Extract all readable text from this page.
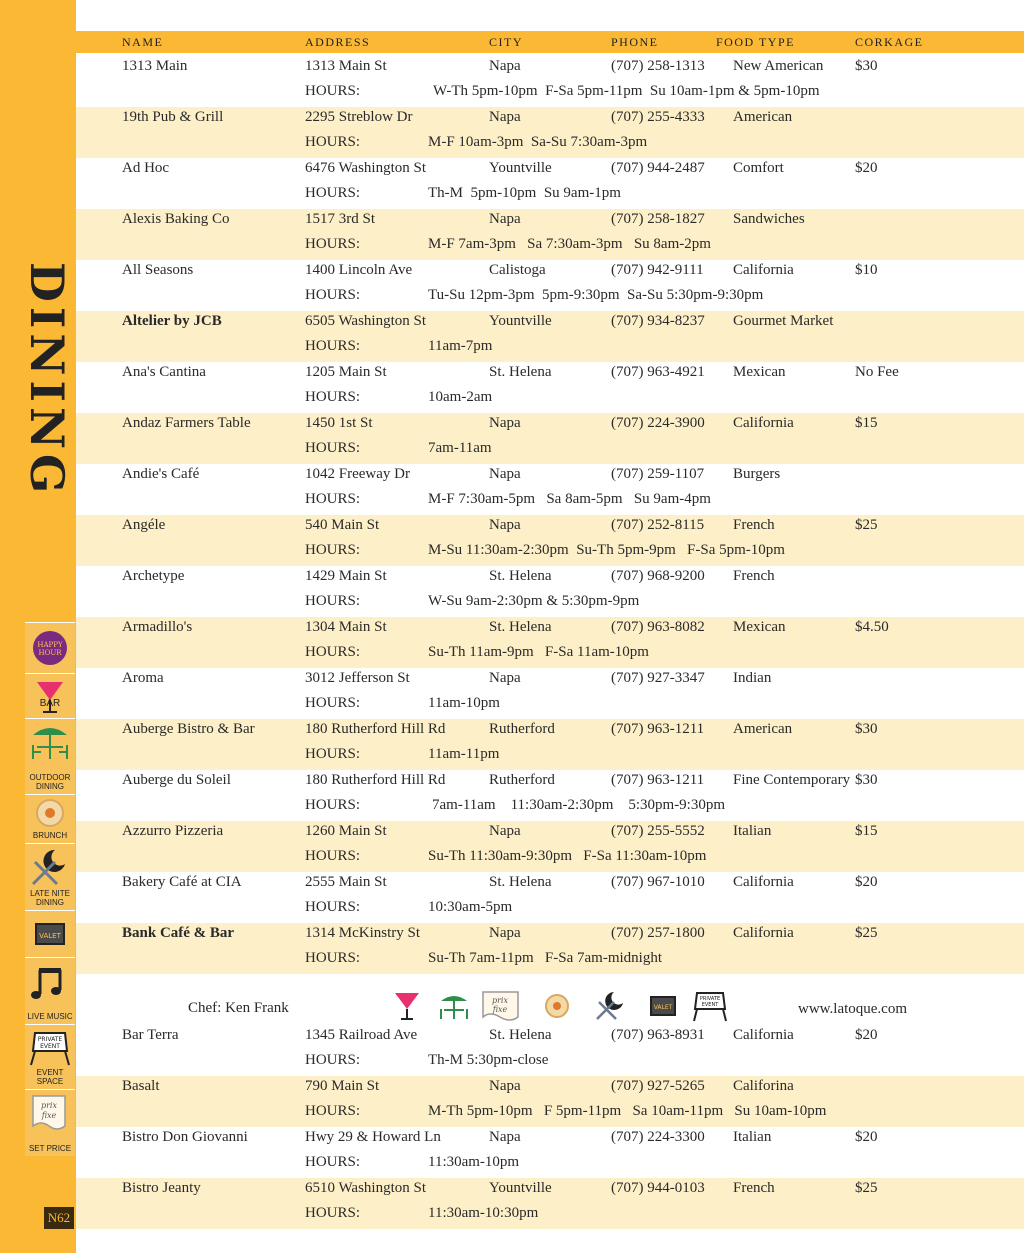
DINING
HAPPY
HOUR
BAR
OUTDOOR DINING
BRUNCH
LATE NITE DINING
VALET
LIVE MUSIC
PRIVATE
EVENT
EVENT SPACE
prix
fixe
SET PRICE
N62
NAME	ADDRESS	CITY	PHONE	FOOD TYPE	CORKAGE
1313 Main	1313 Main St	Napa	(707) 258-1313 New American $30
HOURS:	W-Th 5pm-10pm  F-Sa 5pm-11pm  Su 10am-1pm & 5pm-10pm
19th Pub & Grill	2295 Streblow Dr	Napa	(707) 255-4333 American
HOURS:	M-F 10am-3pm  Sa-Su 7:30am-3pm
Ad Hoc	6476 Washington St	Yountville	(707) 944-2487 Comfort	$20
HOURS:	Th-M  5pm-10pm  Su 9am-1pm
Alexis Baking Co	1517 3rd St	Napa	(707) 258-1827 Sandwiches
HOURS:	M-F 7am-3pm   Sa 7:30am-3pm   Su 8am-2pm
All Seasons	1400 Lincoln Ave	Calistoga	(707) 942-9111 California	$10
HOURS:	Tu-Su 12pm-3pm  5pm-9:30pm  Sa-Su 5:30pm-9:30pm
Altelier by JCB	6505 Washington St	Yountville	(707) 934-8237 Gourmet Market
HOURS:	11am-7pm
Ana's Cantina	1205 Main St	St. Helena	(707) 963-4921 Mexican	No Fee
HOURS:	10am-2am
Andaz Farmers Table	1450 1st St	Napa	(707) 224-3900 California	$15
HOURS:	7am-11am
Andie's Café	1042 Freeway Dr	Napa	(707) 259-1107 Burgers
HOURS:	M-F 7:30am-5pm   Sa 8am-5pm   Su 9am-4pm
Angéle	540 Main St	Napa	(707) 252-8115 French	$25
HOURS:	M-Su 11:30am-2:30pm  Su-Th 5pm-9pm   F-Sa 5pm-10pm
Archetype	1429 Main St	St. Helena	(707) 968-9200 French
HOURS:	W-Su 9am-2:30pm & 5:30pm-9pm
Armadillo's	1304 Main St	St. Helena	(707) 963-8082 Mexican	$4.50
HOURS:	Su-Th 11am-9pm   F-Sa 11am-10pm
Aroma	3012 Jefferson St	Napa	(707) 927-3347 Indian
HOURS:	11am-10pm
Auberge Bistro & Bar	180 Rutherford Hill Rd	Rutherford	(707) 963-1211 American	$30
HOURS:	11am-11pm
Auberge du Soleil	180 Rutherford Hill Rd	Rutherford	(707) 963-1211 Fine Contemporary $30
HOURS:	7am-11am    11:30am-2:30pm    5:30pm-9:30pm
Azzurro Pizzeria	1260 Main St	Napa	(707) 255-5552 Italian	$15
HOURS:	Su-Th 11:30am-9:30pm   F-Sa 11:30am-10pm
Bakery Café at CIA	2555 Main St	St. Helena	(707) 967-1010 California	$20
HOURS:	10:30am-5pm
Bank Café & Bar	1314 McKinstry St	Napa	(707) 257-1800 California	$25
HOURS:	Su-Th 7am-11pm   F-Sa 7am-midnight
Bar Terra	1345 Railroad Ave	St. Helena	(707) 963-8931 California	$20
HOURS:	Th-M 5:30pm-close
Basalt	790 Main St	Napa	(707) 927-5265 Califorina
HOURS:	M-Th 5pm-10pm   F 5pm-11pm   Sa 10am-11pm   Su 10am-10pm
Bistro Don Giovanni	Hwy 29 & Howard Ln	Napa	(707) 224-3300 Italian	$20
HOURS:	11:30am-10pm
Bistro Jeanty	6510 Washington St	Yountville	(707) 944-0103 French	$25
HOURS:	11:30am-10:30pm
Chef: Ken Frank	prix
fixe	VALET
PRIVATE
EVENT	www.latoque.com
